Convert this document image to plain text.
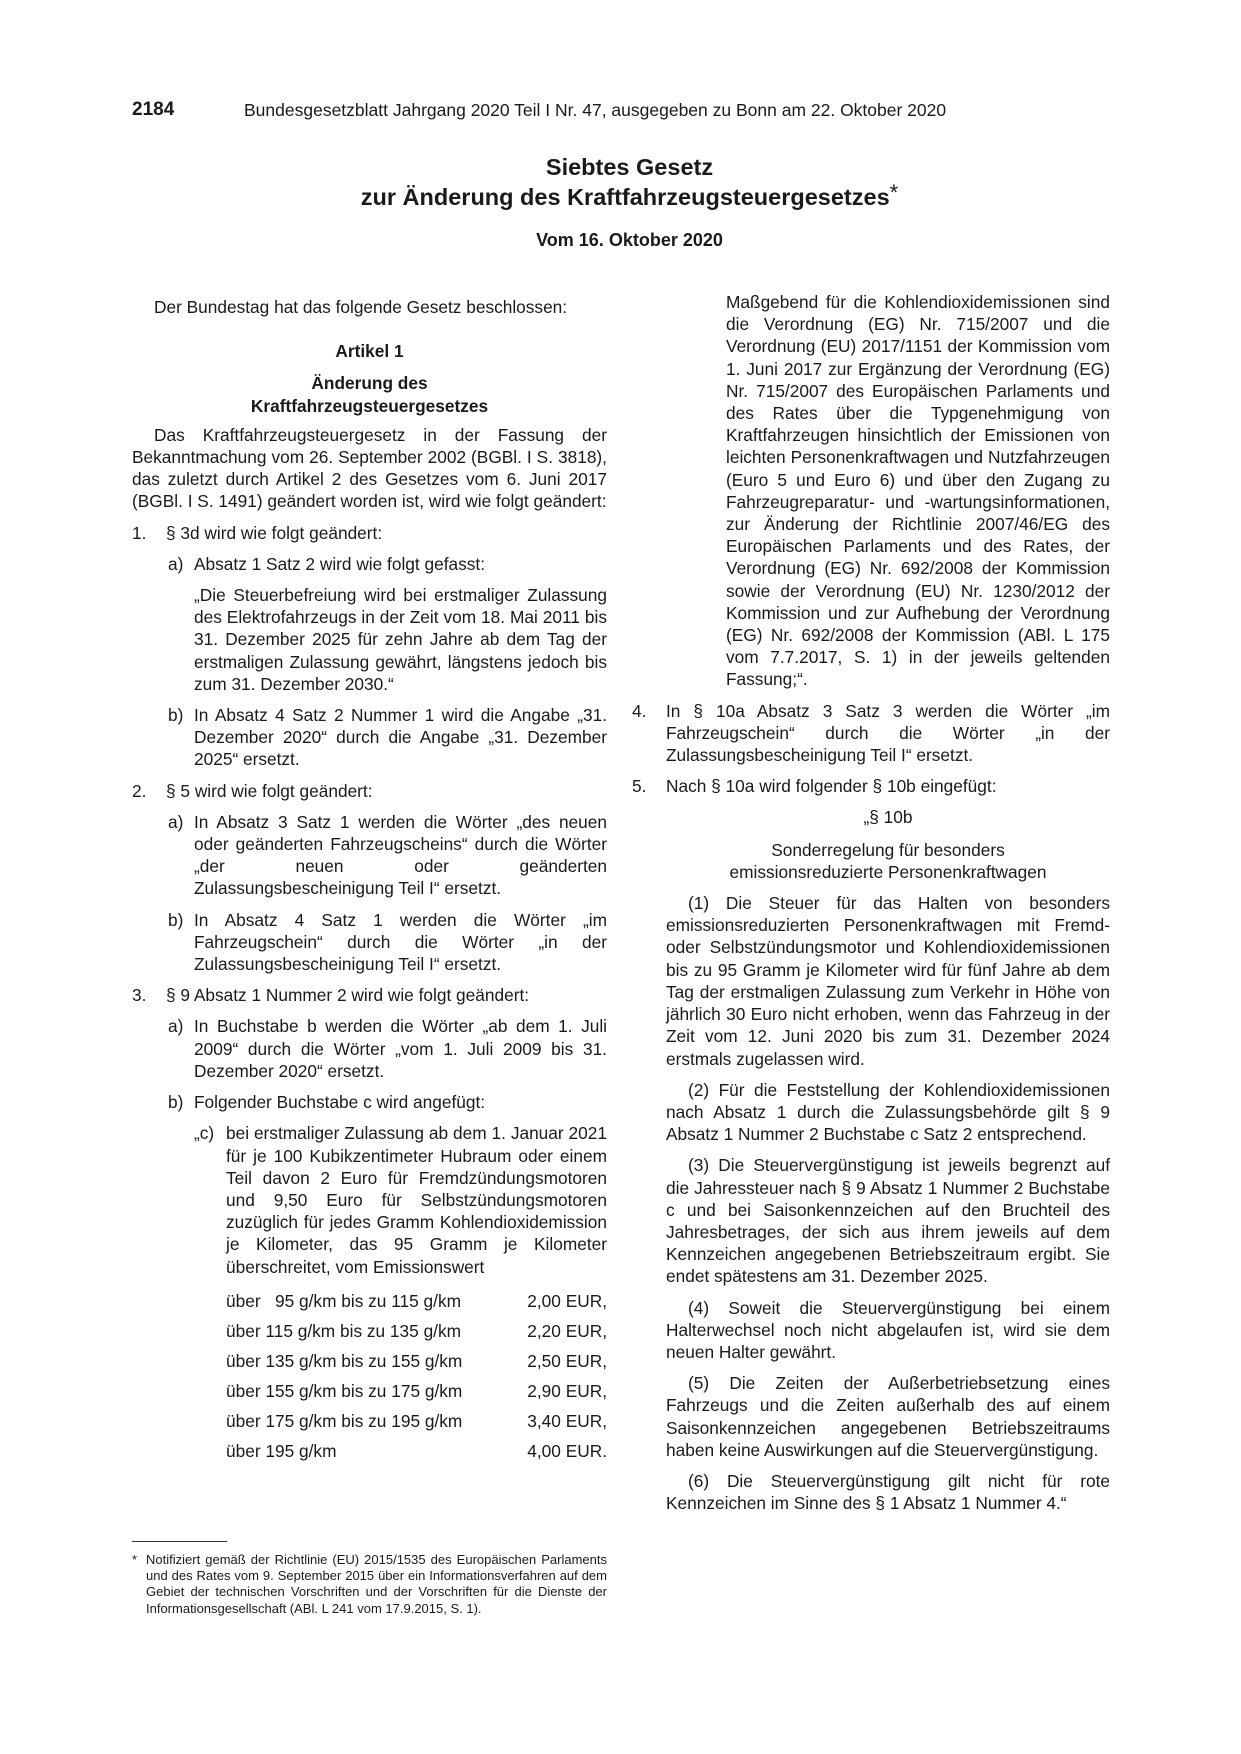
2184	Bundesgesetzblatt Jahrgang 2020 Teil I Nr. 47, ausgegeben zu Bonn am 22. Oktober 2020
Siebtes Gesetz
zur Änderung des Kraftfahrzeugsteuergesetzes*
Vom 16. Oktober 2020

Der Bundestag hat das folgende Gesetz beschlossen:

Artikel 1

Änderung des

Kraftfahrzeugsteuergesetzes

Das Kraftfahrzeugsteuergesetz in der Fassung der Bekanntmachung vom 26. September 2002 (BGBl. I S. 3818), das zuletzt durch Artikel 2 des Gesetzes vom 6. Juni 2017 (BGBl. I S. 1491) geändert worden ist, wird wie folgt geändert:

1. § 3d wird wie folgt geändert:
a) Absatz 1 Satz 2 wird wie folgt gefasst:

„Die Steuerbefreiung wird bei erstmaliger Zulassung des Elektrofahrzeugs in der Zeit vom 18. Mai 2011 bis 31. Dezember 2025 für zehn Jahre ab dem Tag der erstmaligen Zulassung gewährt, längstens jedoch bis zum 31. Dezember 2030.“

b) In Absatz 4 Satz 2 Nummer 1 wird die Angabe „31. Dezember 2020“ durch die Angabe „31. Dezember 2025“ ersetzt.

2. § 5 wird wie folgt geändert:
a) In Absatz 3 Satz 1 werden die Wörter „des neuen oder geänderten Fahrzeugscheins“ durch die Wörter „der neuen oder geänderten Zulassungsbescheinigung Teil I“ ersetzt.

b) In Absatz 4 Satz 1 werden die Wörter „im Fahrzeugschein“ durch die Wörter „in der Zulassungsbescheinigung Teil I“ ersetzt.

3. § 9 Absatz 1 Nummer 2 wird wie folgt geändert:
a) In Buchstabe b werden die Wörter „ab dem 1. Juli 2009“ durch die Wörter „vom 1. Juli 2009 bis 31. Dezember 2020“ ersetzt.

b) Folgender Buchstabe c wird angefügt:

„c) bei erstmaliger Zulassung ab dem 1. Januar 2021 für je 100 Kubikzentimeter Hubraum oder einem Teil davon 2 Euro für Fremdzündungsmotoren und 9,50 Euro für Selbstzündungsmotoren zuzüglich für jedes Gramm Kohlendioxidemission je Kilometer, das 95 Gramm je Kilometer überschreitet, vom Emissionswert

über   95 g/km bis zu 115 g/km	2,00 EUR,
über 115 g/km bis zu 135 g/km	2,20 EUR,
über 135 g/km bis zu 155 g/km	2,50 EUR,
über 155 g/km bis zu 175 g/km	2,90 EUR,
über 175 g/km bis zu 195 g/km	3,40 EUR,
über 195 g/km	4,00 EUR.
* Notifiziert gemäß der Richtlinie (EU) 2015/1535 des Europäischen Parlaments und des Rates vom 9. September 2015 über ein Informationsverfahren auf dem Gebiet der technischen Vorschriften und der Vorschriften für die Dienste der Informationsgesellschaft (ABl. L 241 vom 17.9.2015, S. 1).

Maßgebend für die Kohlendioxidemissionen sind die Verordnung (EG) Nr. 715/2007 und die Verordnung (EU) 2017/1151 der Kommission vom 1. Juni 2017 zur Ergänzung der Verordnung (EG) Nr. 715/2007 des Europäischen Parlaments und des Rates über die Typgenehmigung von Kraftfahrzeugen hinsichtlich der Emissionen von leichten Personenkraftwagen und Nutzfahrzeugen (Euro 5 und Euro 6) und über den Zugang zu Fahrzeugreparatur- und -wartungsinformationen, zur Änderung der Richtlinie 2007/46/EG des Europäischen Parlaments und des Rates, der Verordnung (EG) Nr. 692/2008 der Kommission sowie der Verordnung (EU) Nr. 1230/2012 der Kommission und zur Aufhebung der Verordnung (EG) Nr. 692/2008 der Kommission (ABl. L 175 vom 7.7.2017, S. 1) in der jeweils geltenden Fassung;“.

4. In § 10a Absatz 3 Satz 3 werden die Wörter „im Fahrzeugschein“ durch die Wörter „in der Zulassungsbescheinigung Teil I“ ersetzt.

5. Nach § 10a wird folgender § 10b eingefügt:

„§ 10b

Sonderregelung für besonders

emissionsreduzierte Personenkraftwagen

(1) Die Steuer für das Halten von besonders emissionsreduzierten Personenkraftwagen mit Fremd- oder Selbstzündungsmotor und Kohlendioxidemissionen bis zu 95 Gramm je Kilometer wird für fünf Jahre ab dem Tag der erstmaligen Zulassung zum Verkehr in Höhe von jährlich 30 Euro nicht erhoben, wenn das Fahrzeug in der Zeit vom 12. Juni 2020 bis zum 31. Dezember 2024 erstmals zugelassen wird.

(2) Für die Feststellung der Kohlendioxidemissionen nach Absatz 1 durch die Zulassungsbehörde gilt § 9 Absatz 1 Nummer 2 Buchstabe c Satz 2 entsprechend.

(3) Die Steuervergünstigung ist jeweils begrenzt auf die Jahressteuer nach § 9 Absatz 1 Nummer 2 Buchstabe c und bei Saisonkennzeichen auf den Bruchteil des Jahresbetrages, der sich aus ihrem jeweils auf dem Kennzeichen angegebenen Betriebszeitraum ergibt. Sie endet spätestens am 31. Dezember 2025.

(4) Soweit die Steuervergünstigung bei einem Halterwechsel noch nicht abgelaufen ist, wird sie dem neuen Halter gewährt.

(5) Die Zeiten der Außerbetriebsetzung eines Fahrzeugs und die Zeiten außerhalb des auf einem Saisonkennzeichen angegebenen Betriebszeitraums haben keine Auswirkungen auf die Steuervergünstigung.

(6) Die Steuervergünstigung gilt nicht für rote Kennzeichen im Sinne des § 1 Absatz 1 Nummer 4.“
